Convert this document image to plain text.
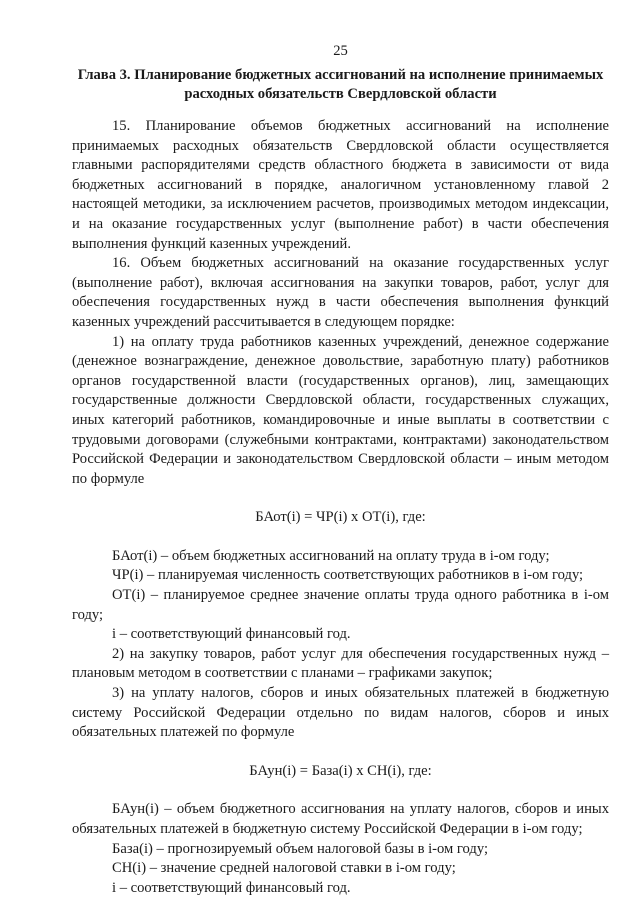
25
Глава 3. Планирование бюджетных ассигнований на исполнение принимаемых расходных обязательств Свердловской области

15. Планирование объемов бюджетных ассигнований на исполнение принимаемых расходных обязательств Свердловской области осуществляется главными распорядителями средств областного бюджета в зависимости от вида бюджетных ассигнований в порядке, аналогичном установленному главой 2 настоящей методики, за исключением расчетов, производимых методом индексации, и на оказание государственных услуг (выполнение работ) в части обеспечения выполнения функций казенных учреждений.

16. Объем бюджетных ассигнований на оказание государственных услуг (выполнение работ), включая ассигнования на закупки товаров, работ, услуг для обеспечения государственных нужд в части обеспечения выполнения функций казенных учреждений рассчитывается в следующем порядке:

1) на оплату труда работников казенных учреждений, денежное содержание (денежное вознаграждение, денежное довольствие, заработную плату) работников органов государственной власти (государственных органов), лиц, замещающих государственные должности Свердловской области, государственных служащих, иных категорий работников, командировочные и иные выплаты в соответствии с трудовыми договорами (служебными контрактами, контрактами) законодательством Российской Федерации и законодательством Свердловской области – иным методом по формуле

БАот(i) = ЧР(i) х ОТ(i), где:

БАот(i) – объем бюджетных ассигнований на оплату труда в i-ом году;

ЧР(i) – планируемая численность соответствующих работников в i-ом году;

ОТ(i) – планируемое среднее значение оплаты труда одного работника в i-ом году;

i – соответствующий финансовый год.

2) на закупку товаров, работ услуг для обеспечения государственных нужд – плановым методом в соответствии с планами – графиками закупок;

3) на уплату налогов, сборов и иных обязательных платежей в бюджетную систему Российской Федерации отдельно по видам налогов, сборов и иных обязательных платежей по формуле

БАун(i) = База(i) х СН(i), где:

БАун(i) – объем бюджетного ассигнования на уплату налогов, сборов и иных обязательных платежей в бюджетную систему Российской Федерации в i-ом году;

База(i) – прогнозируемый объем налоговой базы в i-ом году;

СН(i) – значение средней налоговой ставки в i-ом году;

i – соответствующий финансовый год.
